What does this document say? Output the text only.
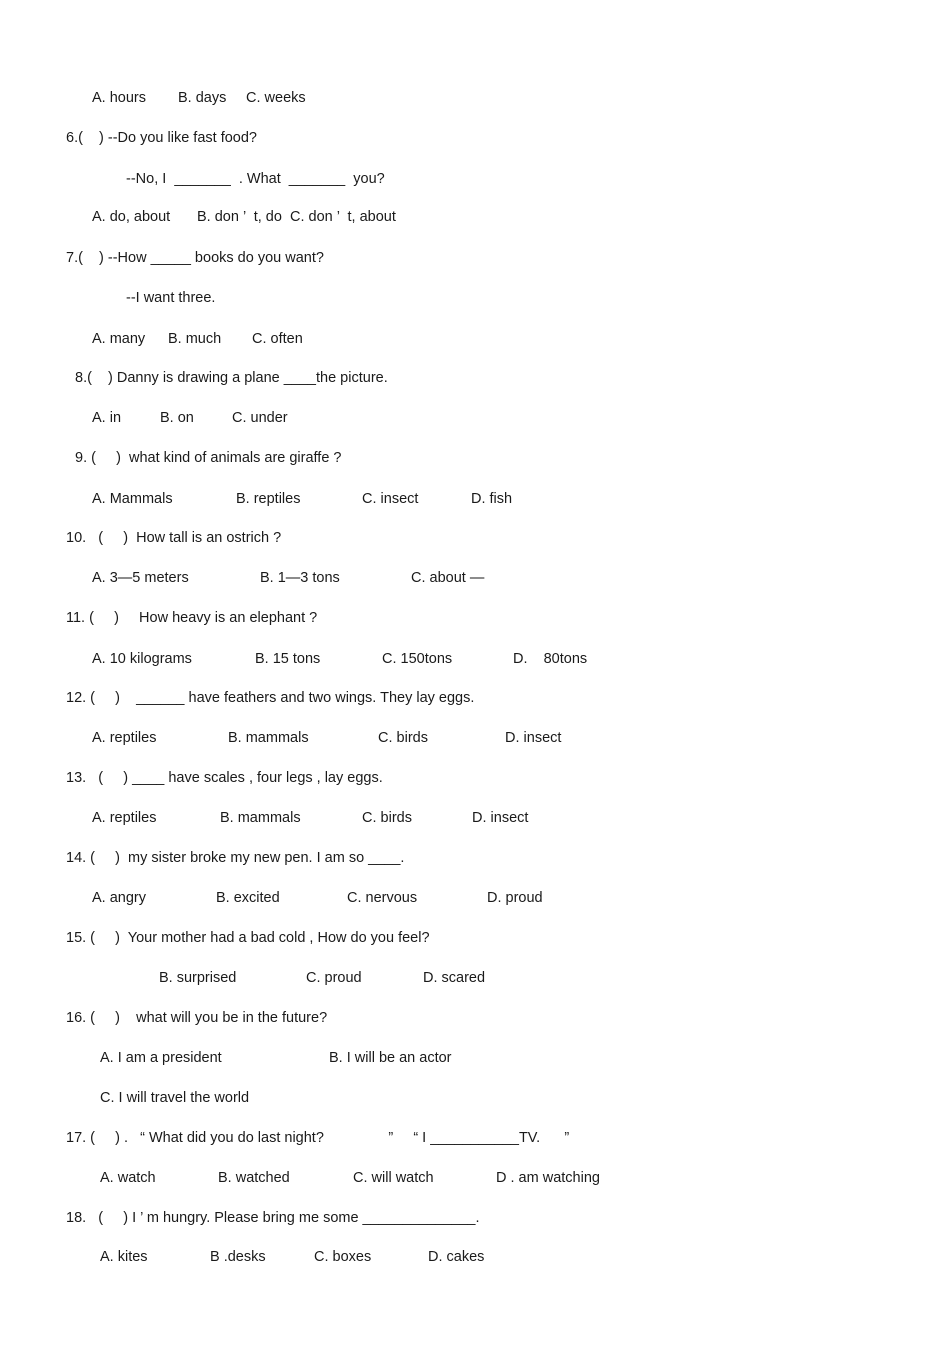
A. hours B. days C. weeks
6.(    ) --Do you like fast food?
--No, I  _______  . What  _______  you?
A. do, about B. don ’  t, do C. don ’  t, about
7.(    ) --How _____ books do you want?
--I want three.
A. many B. much C. often
8.(    ) Danny is drawing a plane ____the picture.
A. in	B. on	C. under
9. (     )  what kind of animals are giraffe ?
A. Mammals	B. reptiles	C. insect	D. fish
10.   (     )  How tall is an ostrich ?
A. 3—5 meters	B. 1—3 tons	C. about —
11. (     )     How heavy is an elephant ?
A. 10 kilograms	B. 15 tons	C. 150tons	D.    80tons
12. (     )    ______ have feathers and two wings. They lay eggs.
A. reptiles	B. mammals	C. birds	D. insect
13.   (     ) ____ have scales , four legs , lay eggs.
A. reptiles	B. mammals	C. birds	D. insect
14. (     )  my sister broke my new pen. I am so ____.
A. angry	B. excited	C. nervous	D. proud
15. (     )  Your mother had a bad cold , How do you feel?
B. surprised	C. proud	D. scared
16. (     )    what will you be in the future?
A. I am a president	B. I will be an actor
C. I will travel the world
17. (     ) .   “ What did you do last night?                ”     “ I ___________TV.      ”
A. watch	B. watched	C. will watch	D . am watching
18.   (     ) I ’ m hungry. Please bring me some ______________.
A. kites	B .desks	C. boxes	D. cakes
